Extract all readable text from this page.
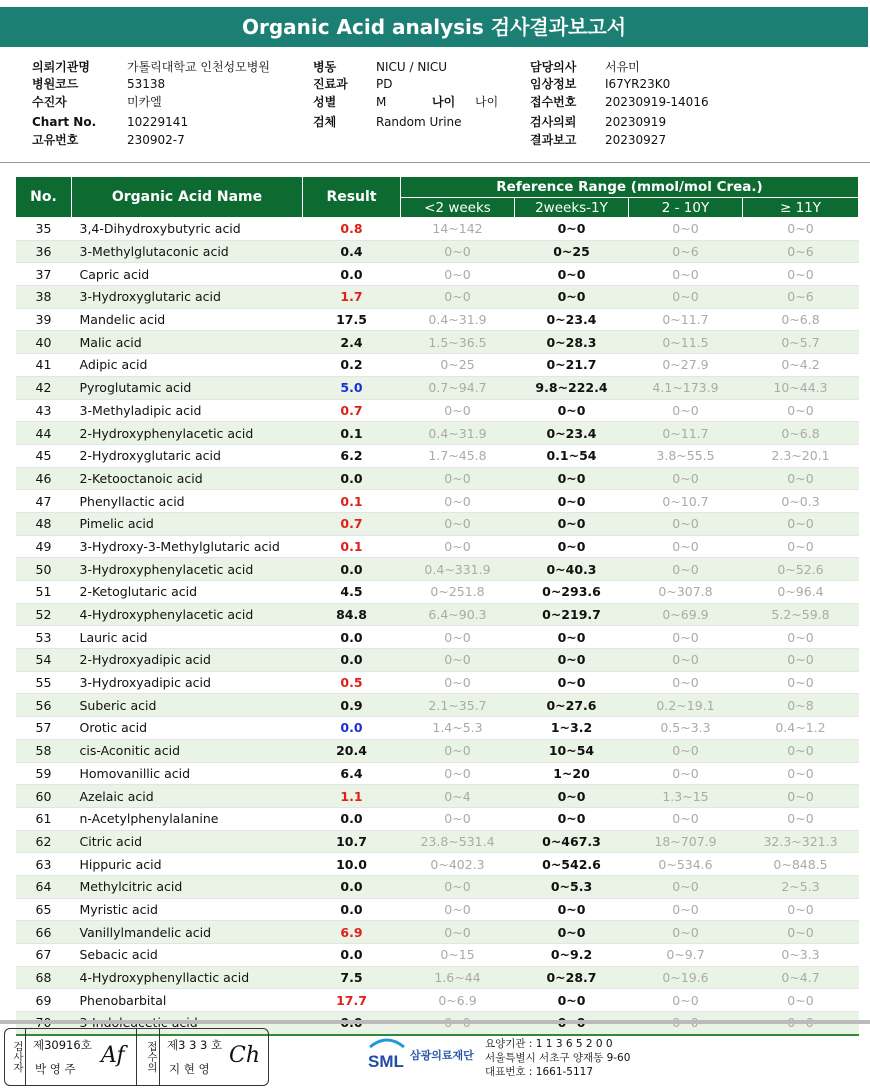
Organic Acid analysis 검사결과보고서
의뢰기관명	가톨릭대학교 인천성모병원	병동	NICU / NICU	담당의사 서유미
병원코드	53138	진료과 PD	임상정보 I67YR23K0
수진자	미카엘	성별	M	나이 나이	접수번호 20230919-14016
Chart No.	10229141	검체	Random Urine	검사의뢰 20230919
고유번호	230902-7	결과보고 20230927
No.	Organic Acid Name	Result	Reference Range (mmol/mol Crea.)			
			<2 weeks	2weeks-1Y	2 - 10Y	≥ 11Y
35	3,4-Dihydroxybutyric acid	0.8	14~142	0~0	0~0	0~0
36	3-Methylglutaconic acid	0.4	0~0	0~25	0~6	0~6
37	Capric acid	0.0	0~0	0~0	0~0	0~0
38	3-Hydroxyglutaric acid	1.7	0~0	0~0	0~0	0~6
39	Mandelic acid	17.5	0.4~31.9	0~23.4	0~11.7	0~6.8
40	Malic acid	2.4	1.5~36.5	0~28.3	0~11.5	0~5.7
41	Adipic acid	0.2	0~25	0~21.7	0~27.9	0~4.2
42	Pyroglutamic acid	5.0	0.7~94.7	9.8~222.4	4.1~173.9	10~44.3
43	3-Methyladipic acid	0.7	0~0	0~0	0~0	0~0
44	2-Hydroxyphenylacetic acid	0.1	0.4~31.9	0~23.4	0~11.7	0~6.8
45	2-Hydroxyglutaric acid	6.2	1.7~45.8	0.1~54	3.8~55.5	2.3~20.1
46	2-Ketooctanoic acid	0.0	0~0	0~0	0~0	0~0
47	Phenyllactic acid	0.1	0~0	0~0	0~10.7	0~0.3
48	Pimelic acid	0.7	0~0	0~0	0~0	0~0
49	3-Hydroxy-3-Methylglutaric acid	0.1	0~0	0~0	0~0	0~0
50	3-Hydroxyphenylacetic acid	0.0	0.4~331.9	0~40.3	0~0	0~52.6
51	2-Ketoglutaric acid	4.5	0~251.8	0~293.6	0~307.8	0~96.4
52	4-Hydroxyphenylacetic acid	84.8	6.4~90.3	0~219.7	0~69.9	5.2~59.8
53	Lauric acid	0.0	0~0	0~0	0~0	0~0
54	2-Hydroxyadipic acid	0.0	0~0	0~0	0~0	0~0
55	3-Hydroxyadipic acid	0.5	0~0	0~0	0~0	0~0
56	Suberic acid	0.9	2.1~35.7	0~27.6	0.2~19.1	0~8
57	Orotic acid	0.0	1.4~5.3	1~3.2	0.5~3.3	0.4~1.2
58	cis-Aconitic acid	20.4	0~0	10~54	0~0	0~0
59	Homovanillic acid	6.4	0~0	1~20	0~0	0~0
60	Azelaic acid	1.1	0~4	0~0	1.3~15	0~0
61	n-Acetylphenylalanine	0.0	0~0	0~0	0~0	0~0
62	Citric acid	10.7	23.8~531.4	0~467.3	18~707.9	32.3~321.3
63	Hippuric acid	10.0	0~402.3	0~542.6	0~534.6	0~848.5
64	Methylcitric acid	0.0	0~0	0~5.3	0~0	2~5.3
65	Myristic acid	0.0	0~0	0~0	0~0	0~0
66	Vanillylmandelic acid	6.9	0~0	0~0	0~0	0~0
67	Sebacic acid	0.0	0~15	0~9.2	0~9.7	0~3.3
68	4-Hydroxyphenyllactic acid	7.5	1.6~44	0~28.7	0~19.6	0~4.7
69	Phenobarbital	17.7	0~6.9	0~0	0~0	0~0

검사자 제30916호
박 영 주
Af	접수의 제3 3 3 호
지 현 영
Ch	SML 삼광의료재단
요양기관 : 1 1 3 6 5 2 0 0
서울특별시 서초구 양재동 9-60
대표번호 : 1661-5117
